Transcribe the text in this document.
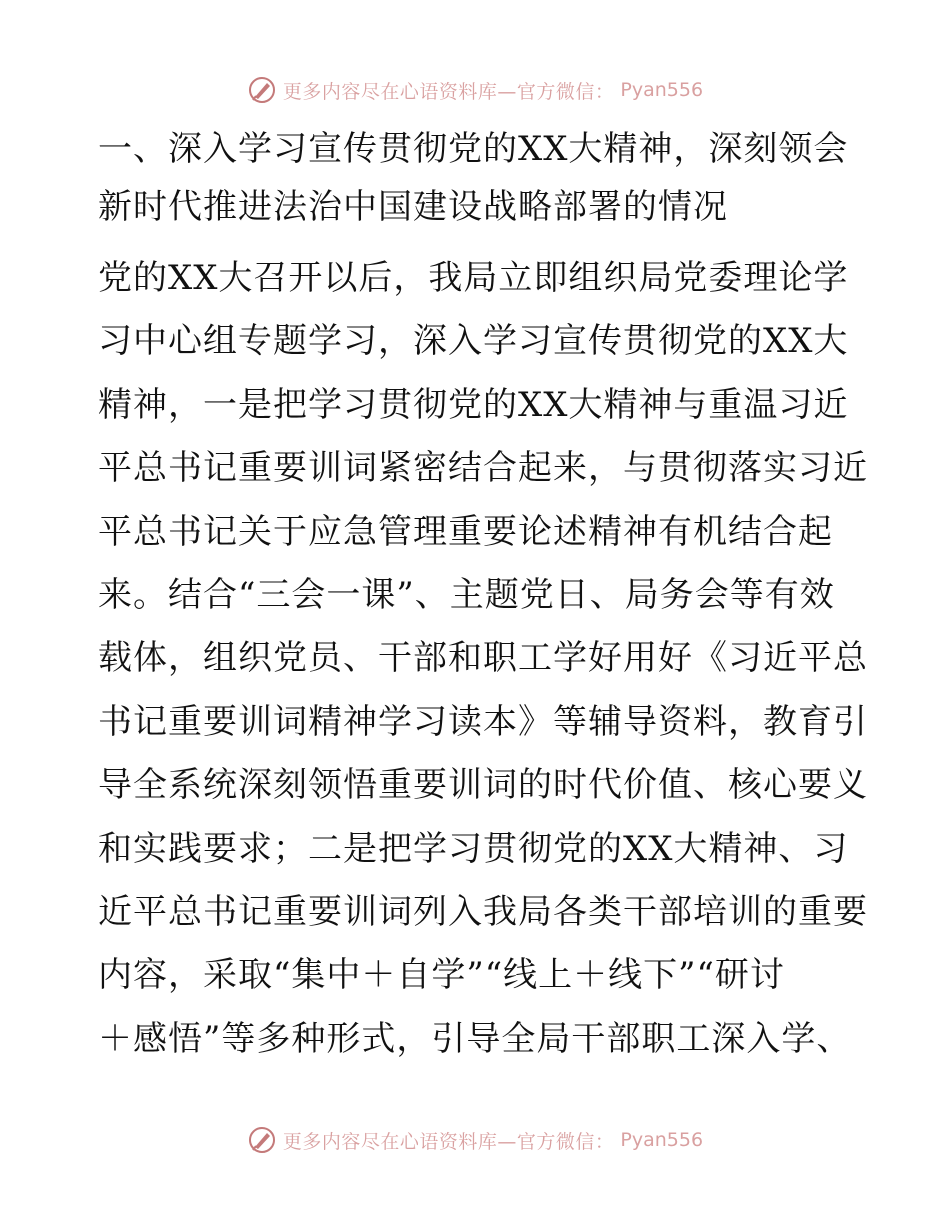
更多内容尽在心语资料库—官方微信： Pyan556
一、深入学习宣传贯彻党的XX大精神，深刻领会
新时代推进法治中国建设战略部署的情况
党的XX大召开以后，我局立即组织局党委理论学
习中心组专题学习，深入学习宣传贯彻党的XX大
精神，一是把学习贯彻党的XX大精神与重温习近
平总书记重要训词紧密结合起来，与贯彻落实习近
平总书记关于应急管理重要论述精神有机结合起
来。结合“三会一课”、主题党日、局务会等有效
载体，组织党员、干部和职工学好用好《习近平总
书记重要训词精神学习读本》等辅导资料，教育引
导全系统深刻领悟重要训词的时代价值、核心要义
和实践要求；二是把学习贯彻党的XX大精神、习
近平总书记重要训词列入我局各类干部培训的重要
内容，采取“集中＋自学”“线上＋线下”“研讨
＋感悟”等多种形式，引导全局干部职工深入学、
更多内容尽在心语资料库—官方微信： Pyan556
